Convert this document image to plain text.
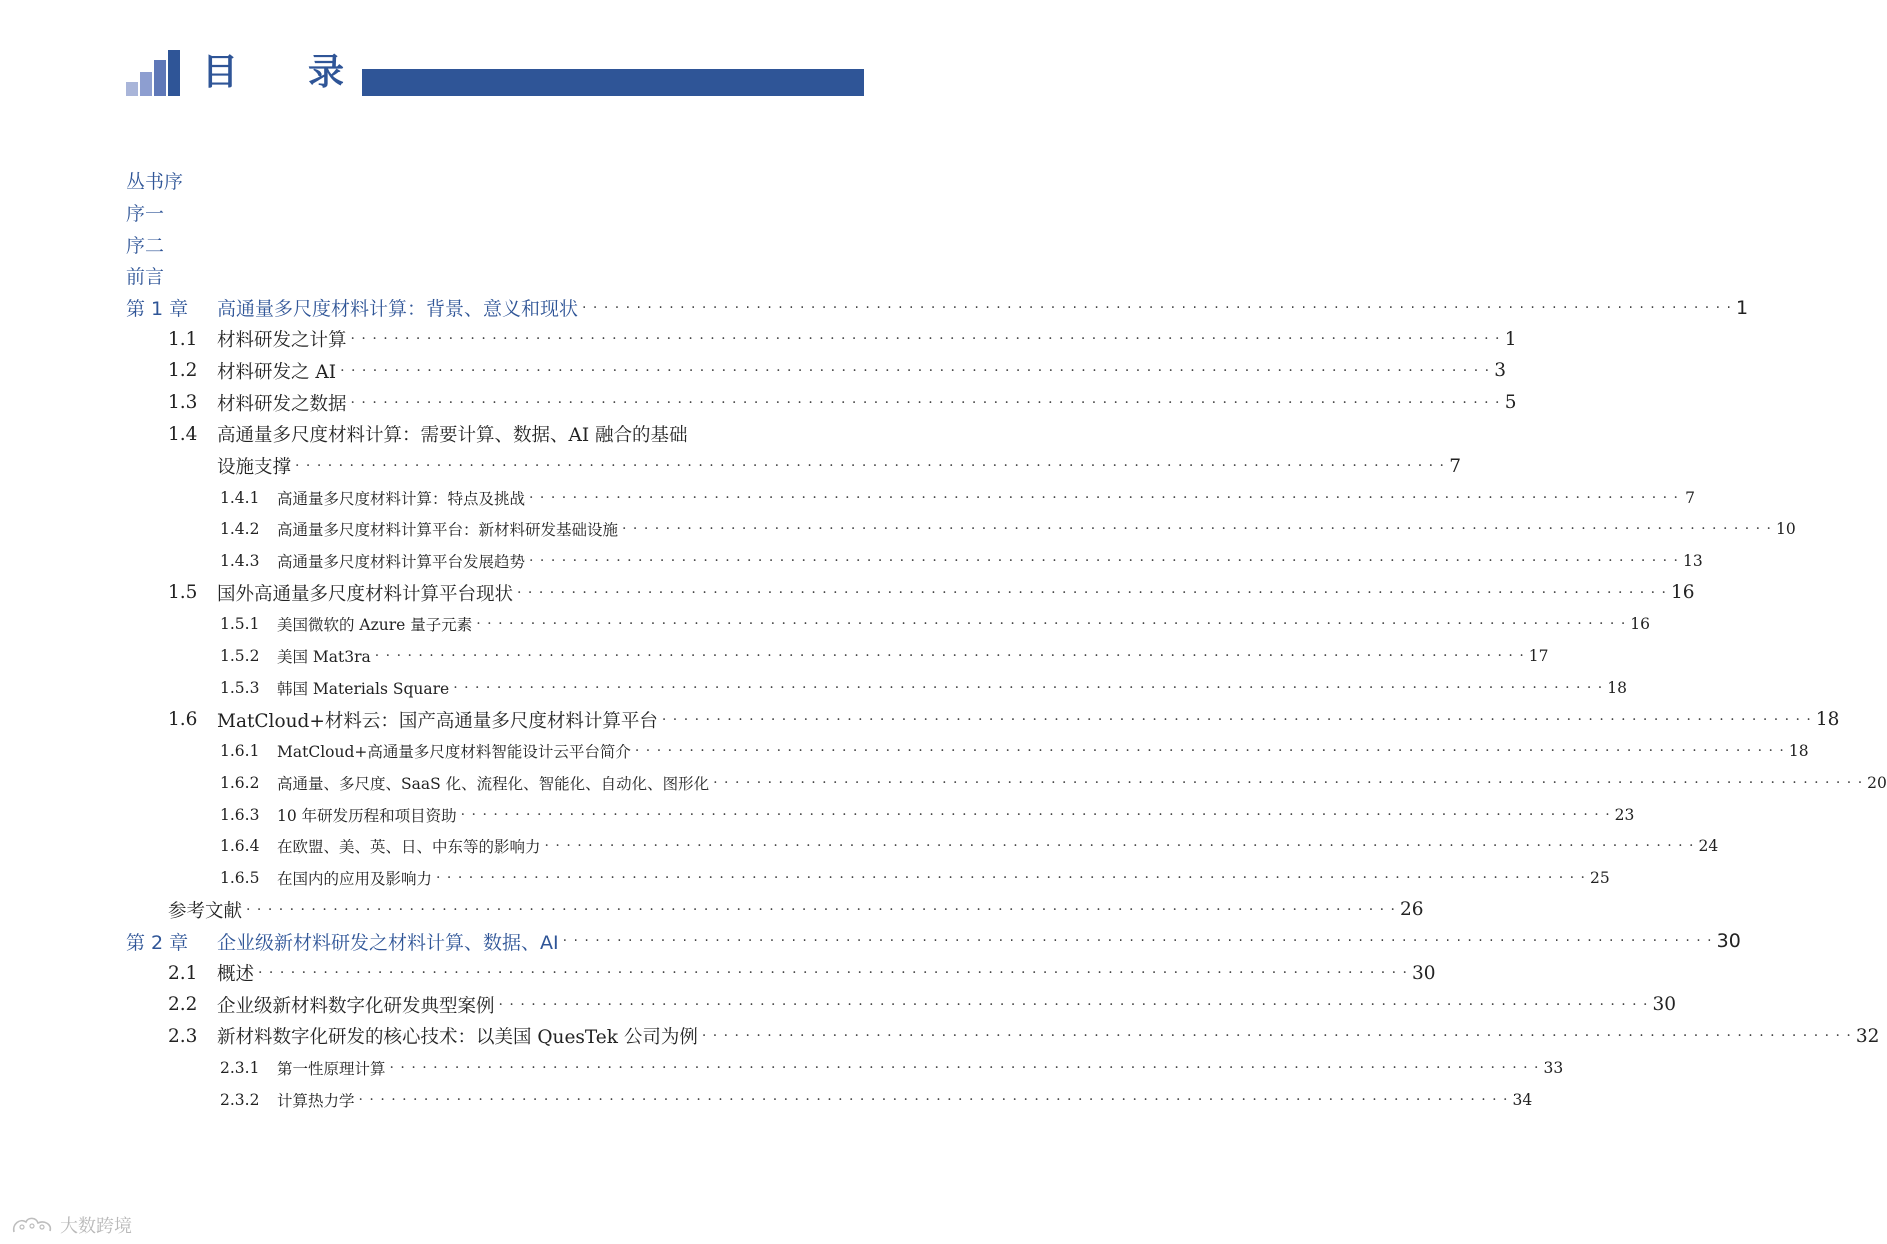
目 录
丛书序
序一
序二
前言
第 1 章	高通量多尺度材料计算：背景、意义和现状 · · ·	1
1.1	材料研发之计算 · · ·	1
1.2	材料研发之 AI · · ·	3
1.3	材料研发之数据 · · ·	5
1.4	高通量多尺度材料计算：需要计算、数据、AI 融合的基础
设施支撑 · · ·	7
1.4.1	高通量多尺度材料计算：特点及挑战 · · ·	7
1.4.2	高通量多尺度材料计算平台：新材料研发基础设施 · · ·	10
1.4.3	高通量多尺度材料计算平台发展趋势 · · ·	13
1.5	国外高通量多尺度材料计算平台现状 · · ·	16
1.5.1	美国微软的 Azure 量子元素 · · ·	16
1.5.2	美国 Mat3ra · · ·	17
1.5.3	韩国 Materials Square · · ·	18
1.6	MatCloud+材料云：国产高通量多尺度材料计算平台 · · ·	18
1.6.1	MatCloud+高通量多尺度材料智能设计云平台简介 · · ·	18
1.6.2	高通量、多尺度、SaaS 化、流程化、智能化、自动化、图形化 · · ·	20
1.6.3	10 年研发历程和项目资助 · · ·	23
1.6.4	在欧盟、美、英、日、中东等的影响力 · · ·	24
1.6.5	在国内的应用及影响力 · · ·	25
参考文献 · · ·	26
第 2 章	企业级新材料研发之材料计算、数据、AI · · ·	30
2.1	概述 · · ·	30
2.2	企业级新材料数字化研发典型案例 · · ·	30
2.3	新材料数字化研发的核心技术：以美国 QuesTek 公司为例 · · ·	32
2.3.1	第一性原理计算 · · ·	33
2.3.2	计算热力学 · · ·	34
大数跨境
